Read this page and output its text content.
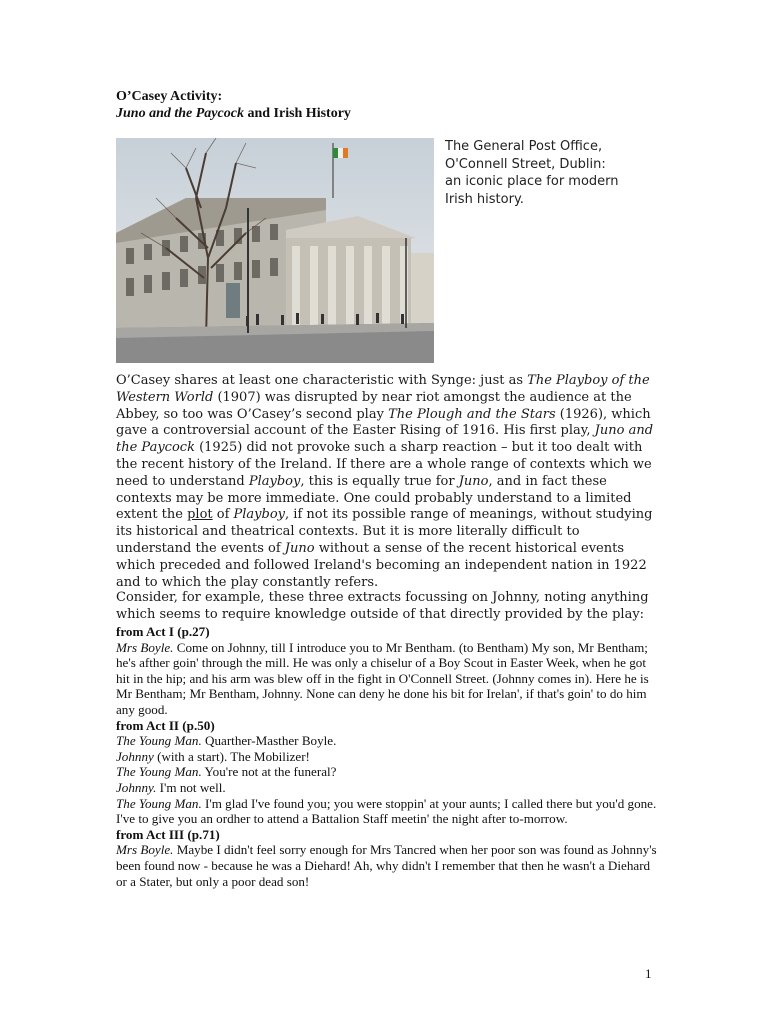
O’Casey Activity:
Juno and the Paycock and Irish History
The General Post Office,
O'Connell Street, Dublin:
an iconic place for modern
Irish history.
O’Casey shares at least one characteristic with Synge: just as The Playboy of the Western World (1907) was disrupted by near riot amongst the audience at the Abbey, so too was O’Casey’s second play The Plough and the Stars (1926), which gave a controversial account of the Easter Rising of 1916. His first play, Juno and the Paycock (1925) did not provoke such a sharp reaction – but it too dealt with the recent history of the Ireland. If there are a whole range of contexts which we need to understand Playboy, this is equally true for Juno, and in fact these contexts may be more immediate. One could probably understand to a limited extent the plot of Playboy, if not its possible range of meanings, without studying its historical and theatrical contexts. But it is more literally difficult to understand the events of Juno without a sense of the recent historical events which preceded and followed Ireland's becoming an independent nation in 1922 and to which the play constantly refers.
Consider, for example, these three extracts focussing on Johnny, noting anything which seems to require knowledge outside of that directly provided by the play:
from Act I (p.27)
Mrs Boyle. Come on Johnny, till I introduce you to Mr Bentham. (to Bentham) My son, Mr Bentham; he's afther goin' through the mill. He was only a chiselur of a Boy Scout in Easter Week, when he got hit in the hip; and his arm was blew off in the fight in O'Connell Street. (Johnny comes in). Here he is Mr Bentham; Mr Bentham, Johnny. None can deny he done his bit for Irelan', if that's goin' to do him any good.
from Act II (p.50)
The Young Man. Quarther-Masther Boyle.
Johnny (with a start). The Mobilizer!
The Young Man. You're not at the funeral?
Johnny. I'm not well.
The Young Man. I'm glad I've found you; you were stoppin' at your aunts; I called there but you'd gone. I've to give you an ordher to attend a Battalion Staff meetin' the night after to-morrow.
from Act III (p.71)
Mrs Boyle. Maybe I didn't feel sorry enough for Mrs Tancred when her poor son was found as Johnny's been found now - because he was a Diehard! Ah, why didn't I remember that then he wasn't a Diehard or a Stater, but only a poor dead son!
1
